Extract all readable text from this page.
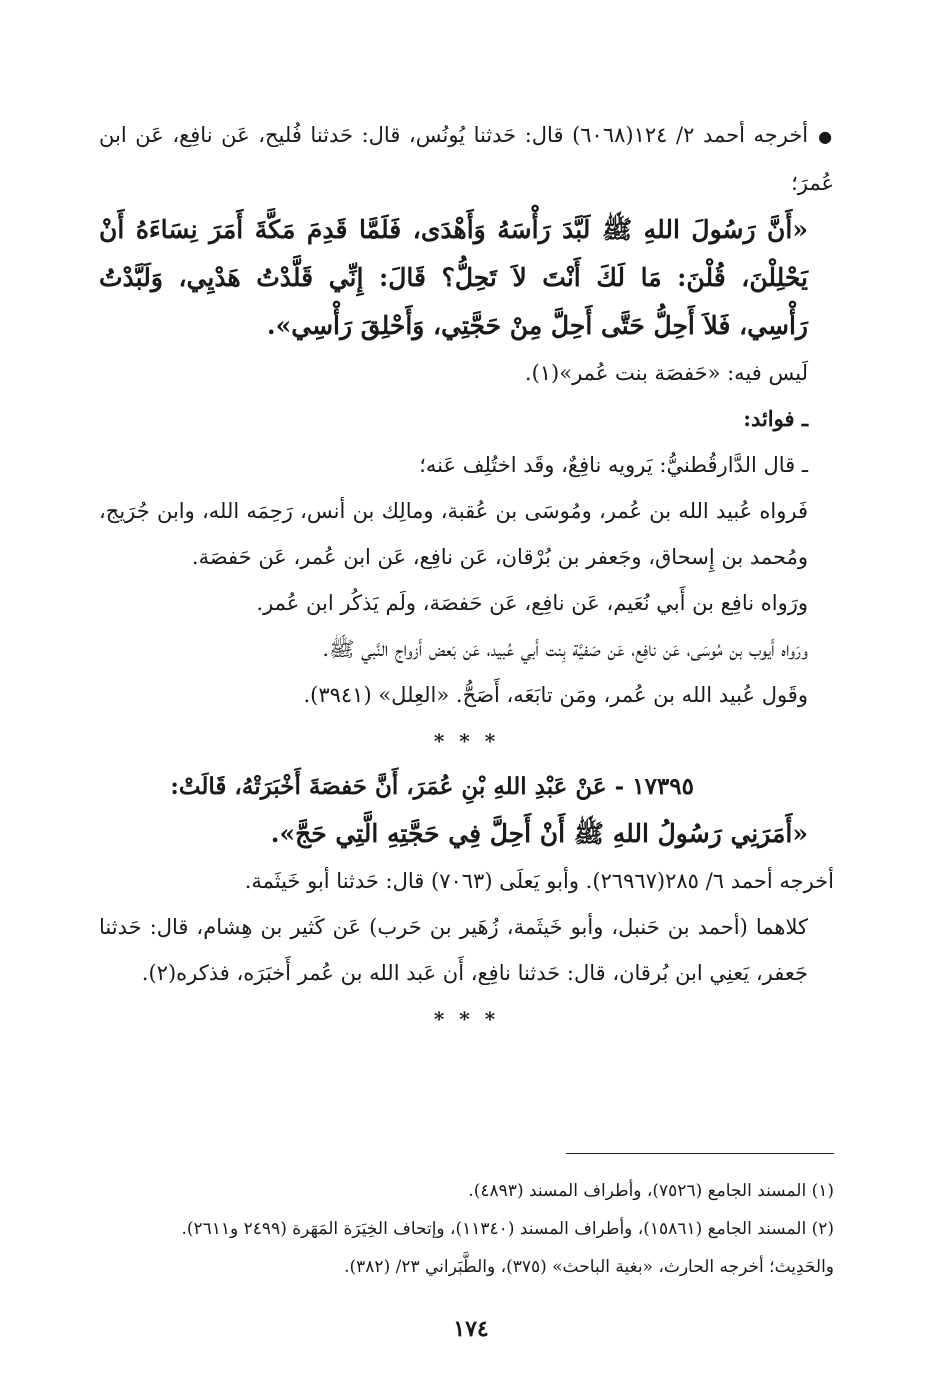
●أخرجه أحمد ٢/ ١٢٤(٦٠٦٨) قال: حَدثنا يُونُس، قال: حَدثنا فُليح، عَن نافِع، عَن ابن عُمرَ؛

«أَنَّ رَسُولَ اللهِ ﷺ لَبَّدَ رَأْسَهُ وَأَهْدَى، فَلَمَّا قَدِمَ مَكَّةَ أَمَرَ نِسَاءَهُ أَنْ يَحْلِلْنَ، قُلْنَ: مَا لَكَ أَنْتَ لاَ تَحِلُّ؟ قَالَ: إِنِّي قَلَّدْتُ هَدْيِي، وَلَبَّدْتُ رَأْسِي، فَلاَ أَحِلُّ حَتَّى أَحِلَّ مِنْ حَجَّتِي، وَأَحْلِقَ رَأْسِي».

لَيس فيه: «حَفصَة بنت عُمر»(١).

ـ فوائد:

ـ قال الدَّارقُطنيُّ: يَرويه نافِعٌ، وقَد اختُلِف عَنه؛

فَرواه عُبيد الله بن عُمر، ومُوسَى بن عُقبة، ومالِك بن أنس، رَحِمَه الله، وابن جُرَيج، ومُحمد بن إِسحاق، وجَعفر بن بُرْقان، عَن نافِع، عَن ابن عُمر، عَن حَفصَة.

ورَواه نافِع بن أَبي نُعَيم، عَن نافِع، عَن حَفصَة، ولَم يَذكُر ابن عُمر.

ورَواه أَيوب بن مُوسَى، عَن نافِع، عَن صَفيَّة بِنت أَبي عُبيد، عَن بَعض أَزواج النَّبي ﷺ.

وقَول عُبيد الله بن عُمر، ومَن تابَعَه، أَصَحُّ. «العِلل» (٣٩٤١).

* * *

١٧٣٩٥ - عَنْ عَبْدِ اللهِ بْنِ عُمَرَ، أَنَّ حَفصَةَ أَخْبَرَتْهُ، قَالَتْ:

«أَمَرَنِي رَسُولُ اللهِ ﷺ أَنْ أَحِلَّ فِي حَجَّتِهِ الَّتِي حَجَّ».

أخرجه أحمد ٦/ ٢٨٥(٢٦٩٦٧). وأبو يَعلَى (٧٠٦٣) قال: حَدثنا أبو خَيثَمة.

كلاهما (أحمد بن حَنبل، وأبو خَيثَمة، زُهَير بن حَرب) عَن كَثير بن هِشام، قال: حَدثنا جَعفر، يَعنِي ابن بُرقان، قال: حَدثنا نافِع، أَن عَبد الله بن عُمر أَخبَرَه، فذكره(٢).

* * *

(١) المسند الجامع (٧٥٢٦)، وأطراف المسند (٤٨٩٣).

(٢) المسند الجامع (١٥٨٦١)، وأطراف المسند (١١٣٤٠)، وإتحاف الخِيَرَة المَهَرة (٢٤٩٩ و٢٦١١).

والحَدِيث؛ أخرجه الحارث، «بغية الباحث» (٣٧٥)، والطَّبَراني ٢٣/ (٣٨٢).

١٧٤
